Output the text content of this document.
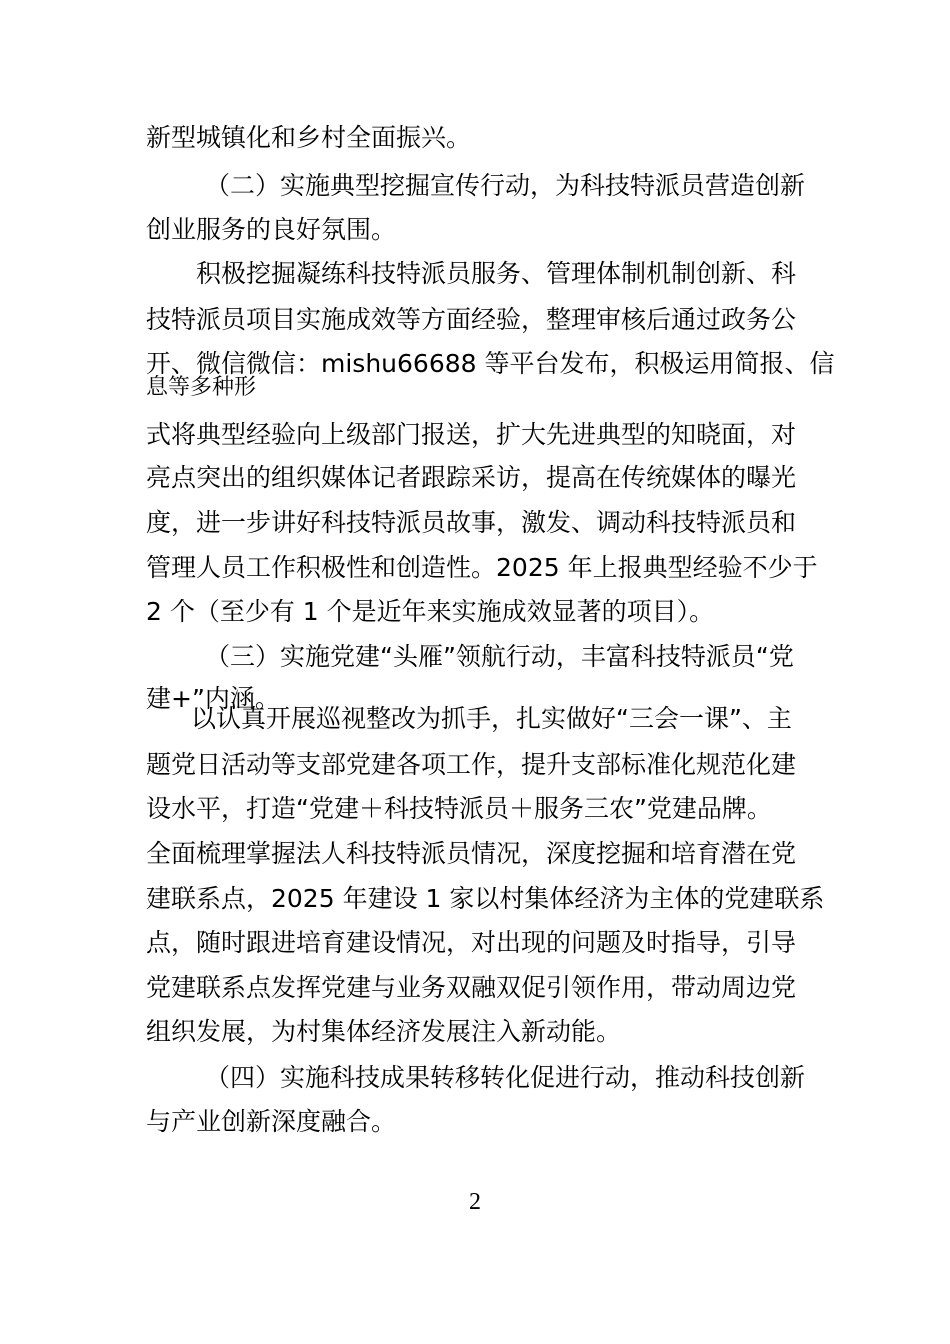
新型城镇化和乡村全面振兴。

（二）实施典型挖掘宣传行动，为科技特派员营造创新

创业服务的良好氛围。

积极挖掘凝练科技特派员服务、管理体制机制创新、科

技特派员项目实施成效等方面经验，整理审核后通过政务公

开、微信微信：mishu66688 等平台发布，积极运用简报、信

息等多种形

式将典型经验向上级部门报送，扩大先进典型的知晓面，对

亮点突出的组织媒体记者跟踪采访，提高在传统媒体的曝光

度，进一步讲好科技特派员故事，激发、调动科技特派员和

管理人员工作积极性和创造性。2025 年上报典型经验不少于

2 个（至少有 1 个是近年来实施成效显著的项目）。

（三）实施党建“头雁”领航行动，丰富科技特派员“党

建+”内涵。

以认真开展巡视整改为抓手，扎实做好“三会一课”、主

题党日活动等支部党建各项工作，提升支部标准化规范化建

设水平，打造“党建＋科技特派员＋服务三农”党建品牌。

全面梳理掌握法人科技特派员情况，深度挖掘和培育潜在党

建联系点，2025 年建设 1 家以村集体经济为主体的党建联系

点，随时跟进培育建设情况，对出现的问题及时指导，引导

党建联系点发挥党建与业务双融双促引领作用，带动周边党

组织发展，为村集体经济发展注入新动能。

（四）实施科技成果转移转化促进行动，推动科技创新

与产业创新深度融合。

2
